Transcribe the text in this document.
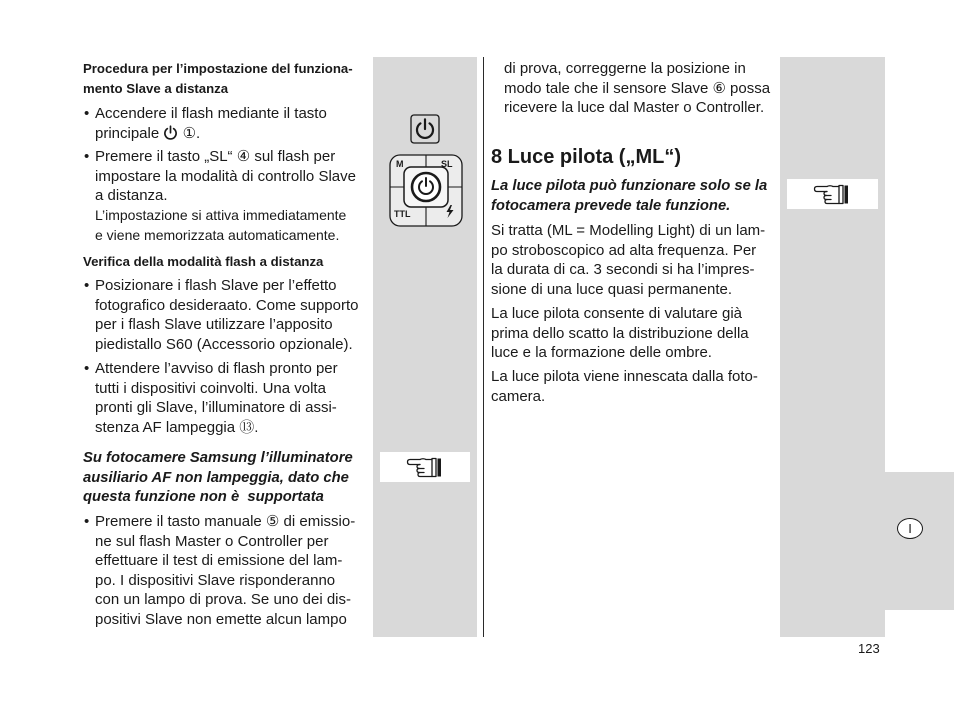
Procedura per l’impostazione del funziona-
mento Slave a distanza
• Accendere il flash mediante il tasto
principale ①.
• Premere il tasto „SL“ ④ sul flash per
impostare la modalità di controllo Slave
a distanza.
L’impostazione si attiva immediatamente
e viene memorizzata automaticamente.
Verifica della modalità flash a distanza
• Posizionare i flash Slave per l’effetto
fotografico desideraato. Come supporto
per i flash Slave utilizzare l’apposito
piedistallo S60 (Accessorio opzionale).
• Attendere l’avviso di flash pronto per
tutti i dispositivi coinvolti. Una volta
pronti gli Slave, l’illuminatore di assi-
stenza AF lampeggia ⑬.
Su fotocamere Samsung l’illuminatore
ausiliario AF non lampeggia, dato che
questa funzione non è  supportata
• Premere il tasto manuale ⑤ di emissio-
ne sul flash Master o Controller per
effettuare il test di emissione del lam-
po. I dispositivi Slave risponderanno
con un lampo di prova. Se uno dei dis-
positivi Slave non emette alcun lampo
di prova, correggerne la posizione in
modo tale che il sensore Slave ⑥ possa
ricevere la luce dal Master o Controller.
8 Luce pilota („ML“)
La luce pilota può funzionare solo se la
fotocamera prevede tale funzione.
Si tratta (ML = Modelling Light) di un lam-
po stroboscopico ad alta frequenza. Per
la durata di ca. 3 secondi si ha l’impres-
sione di una luce quasi permanente.
La luce pilota consente di valutare già
prima dello scatto la distribuzione della
luce e la formazione delle ombre.
La luce pilota viene innescata dalla foto-
camera.
M	SL
TTL
I
123
